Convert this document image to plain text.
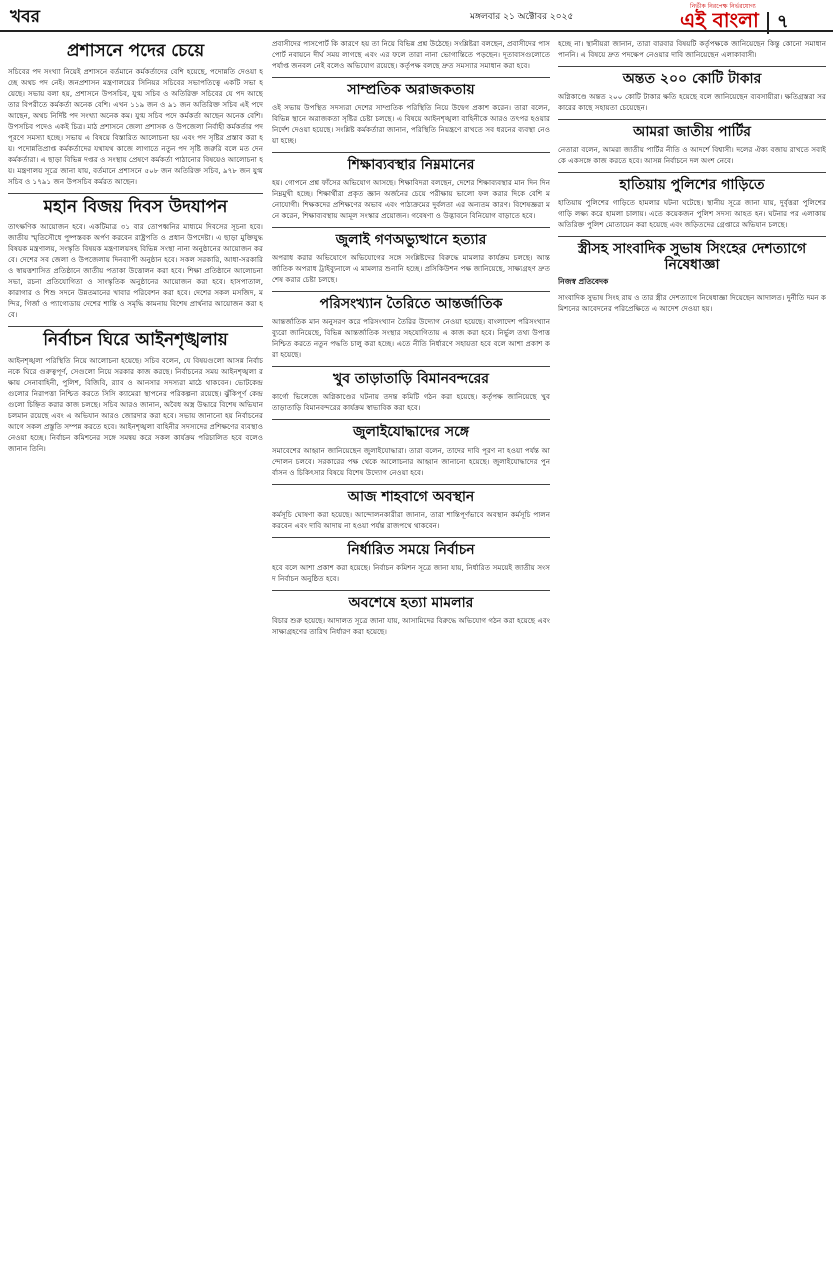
খবর	মঙ্গলবার ২১ অক্টোবর ২০২৫
নির্ভীক নিরপেক্ষ নির্ভরযোগ্য
এই বাংলা ৭
প্রশাসনে পদের চেয়ে
সচিবের পদ সংখ্যা নিয়েই প্রশাসনে বর্তমানে কর্মকর্তাদের বেশি হয়েছে, পদোন্নতি দেওয়া হচ্ছে অথচ পদ নেই। জনপ্রশাসন মন্ত্রণালয়ের সিনিয়র সচিবের সভাপতিত্বে একটি সভা হয়েছে। সভায় বলা হয়, প্রশাসনে উপসচিব, যুগ্ম সচিব ও অতিরিক্ত সচিবের যে পদ আছে তার বিপরীতে কর্মকর্তা অনেক বেশি। এখন ১১৯ জন ও ৯১ জন অতিরিক্ত সচিব এই পদে আছেন, অথচ নির্দিষ্ট পদ সংখ্যা অনেক কম। যুগ্ম সচিব পদে কর্মকর্তা আছেন অনেক বেশি। উপসচিব পদেও একই চিত্র। মাঠ প্রশাসনে জেলা প্রশাসক ও উপজেলা নির্বাহী কর্মকর্তার পদ পূরণে সমস্যা হচ্ছে। সভায় এ বিষয়ে বিস্তারিত আলোচনা হয় এবং পদ সৃষ্টির প্রস্তাব করা হয়। পদোন্নতিপ্রাপ্ত কর্মকর্তাদের যথাযথ কাজে লাগাতে নতুন পদ সৃষ্টি জরুরি বলে মত দেন কর্মকর্তারা। এ ছাড়া বিভিন্ন দপ্তর ও সংস্থায় প্রেষণে কর্মকর্তা পাঠানোর বিষয়েও আলোচনা হয়। মন্ত্রণালয় সূত্রে জানা যায়, বর্তমানে প্রশাসনে ৫০৮ জন অতিরিক্ত সচিব, ৯৭৮ জন যুগ্ম সচিব ও ১৭৯১ জন উপসচিব কর্মরত আছেন।
মহান বিজয় দিবস উদযাপন
তাৎক্ষণিক আয়োজন হবে। একটিমাত্র ৩১ বার তোপধ্বনির মাধ্যমে দিবসের সূচনা হবে। জাতীয় স্মৃতিসৌধে পুষ্পস্তবক অর্পণ করবেন রাষ্ট্রপতি ও প্রধান উপদেষ্টা। এ ছাড়া মুক্তিযুদ্ধ বিষয়ক মন্ত্রণালয়, সংস্কৃতি বিষয়ক মন্ত্রণালয়সহ বিভিন্ন সংস্থা নানা অনুষ্ঠানের আয়োজন করবে। দেশের সব জেলা ও উপজেলায় দিনব্যাপী অনুষ্ঠান হবে। সকল সরকারি, আধা-সরকারি ও স্বায়ত্তশাসিত প্রতিষ্ঠানে জাতীয় পতাকা উত্তোলন করা হবে। শিক্ষা প্রতিষ্ঠানে আলোচনা সভা, রচনা প্রতিযোগিতা ও সাংস্কৃতিক অনুষ্ঠানের আয়োজন করা হবে। হাসপাতাল, কারাগার ও শিশু সদনে উন্নতমানের খাবার পরিবেশন করা হবে। দেশের সকল মসজিদ, মন্দির, গির্জা ও প্যাগোডায় দেশের শান্তি ও সমৃদ্ধি কামনায় বিশেষ প্রার্থনার আয়োজন করা হবে।
নির্বাচন ঘিরে আইনশৃঙ্খলায়
আইনশৃঙ্খলা পরিস্থিতি নিয়ে আলোচনা হয়েছে। সচিব বলেন, যে বিষয়গুলো আসন্ন নির্বাচনকে ঘিরে গুরুত্বপূর্ণ, সেগুলো নিয়ে সরকার কাজ করছে। নির্বাচনের সময় আইনশৃঙ্খলা রক্ষায় সেনাবাহিনী, পুলিশ, বিজিবি, র‍্যাব ও আনসার সদস্যরা মাঠে থাকবেন। ভোটকেন্দ্রগুলোর নিরাপত্তা নিশ্চিত করতে সিসি ক্যামেরা স্থাপনের পরিকল্পনা রয়েছে। ঝুঁকিপূর্ণ কেন্দ্রগুলো চিহ্নিত করার কাজ চলছে। সচিব আরও জানান, অবৈধ অস্ত্র উদ্ধারে বিশেষ অভিযান চলমান রয়েছে এবং এ অভিযান আরও জোরদার করা হবে। সভায় জানানো হয় নির্বাচনের আগে সকল প্রস্তুতি সম্পন্ন করতে হবে। আইনশৃঙ্খলা বাহিনীর সদস্যদের প্রশিক্ষণের ব্যবস্থাও নেওয়া হচ্ছে। নির্বাচন কমিশনের সঙ্গে সমন্বয় করে সকল কার্যক্রম পরিচালিত হবে বলেও জানান তিনি।
প্রবাসীদের পাসপোর্ট কি কারণে হয় তা নিয়ে বিভিন্ন প্রশ্ন উঠেছে। সংশ্লিষ্টরা বলছেন, প্রবাসীদের পাসপোর্ট নবায়নে দীর্ঘ সময় লাগছে এবং এর ফলে তারা নানা ভোগান্তিতে পড়ছেন। দূতাবাসগুলোতে পর্যাপ্ত জনবল নেই বলেও অভিযোগ রয়েছে। কর্তৃপক্ষ বলছে দ্রুত সমস্যার সমাধান করা হবে।
সাম্প্রতিক অরাজকতায়
ওই সভায় উপস্থিত সদস্যরা দেশের সাম্প্রতিক পরিস্থিতি নিয়ে উদ্বেগ প্রকাশ করেন। তারা বলেন, বিভিন্ন স্থানে অরাজকতা সৃষ্টির চেষ্টা চলছে। এ বিষয়ে আইনশৃঙ্খলা বাহিনীকে আরও তৎপর হওয়ার নির্দেশ দেওয়া হয়েছে। সংশ্লিষ্ট কর্মকর্তারা জানান, পরিস্থিতি নিয়ন্ত্রণে রাখতে সব ধরনের ব্যবস্থা নেওয়া হচ্ছে।
শিক্ষাব্যবস্থার নিম্নমানের
হয়। গোপনে প্রশ্ন ফাঁসের অভিযোগ আসছে। শিক্ষাবিদরা বলছেন, দেশের শিক্ষাব্যবস্থার মান দিন দিন নিম্নমুখী হচ্ছে। শিক্ষার্থীরা প্রকৃত জ্ঞান অর্জনের চেয়ে পরীক্ষায় ভালো ফল করার দিকে বেশি মনোযোগী। শিক্ষকদের প্রশিক্ষণের অভাব এবং পাঠ্যক্রমের দুর্বলতা এর অন্যতম কারণ। বিশেষজ্ঞরা মনে করেন, শিক্ষাব্যবস্থায় আমূল সংস্কার প্রয়োজন। গবেষণা ও উদ্ভাবনে বিনিয়োগ বাড়াতে হবে।
জুলাই গণঅভ্যুত্থানে হত্যার
অপরাধ করার অভিযোগে অভিযোগের সঙ্গে সংশ্লিষ্টদের বিরুদ্ধে মামলার কার্যক্রম চলছে। আন্তর্জাতিক অপরাধ ট্রাইব্যুনালে এ মামলার শুনানি হচ্ছে। প্রসিকিউশন পক্ষ জানিয়েছে, সাক্ষ্যগ্রহণ দ্রুত শেষ করার চেষ্টা চলছে।
পরিসংখ্যান তৈরিতে আন্তর্জাতিক
আন্তর্জাতিক মান অনুসরণ করে পরিসংখ্যান তৈরির উদ্যোগ নেওয়া হয়েছে। বাংলাদেশ পরিসংখ্যান ব্যুরো জানিয়েছে, বিভিন্ন আন্তর্জাতিক সংস্থার সহযোগিতায় এ কাজ করা হবে। নির্ভুল তথ্য উপাত্ত নিশ্চিত করতে নতুন পদ্ধতি চালু করা হচ্ছে। এতে নীতি নির্ধারণে সহায়তা হবে বলে আশা প্রকাশ করা হয়েছে।
খুব তাড়াতাড়ি বিমানবন্দরের
কার্গো ভিলেজে অগ্নিকাণ্ডের ঘটনায় তদন্ত কমিটি গঠন করা হয়েছে। কর্তৃপক্ষ জানিয়েছে খুব তাড়াতাড়ি বিমানবন্দরের কার্যক্রম স্বাভাবিক করা হবে।
জুলাইযোদ্ধাদের সঙ্গে
সমাবেশের আহ্বান জানিয়েছেন জুলাইযোদ্ধারা। তারা বলেন, তাদের দাবি পূরণ না হওয়া পর্যন্ত আন্দোলন চলবে। সরকারের পক্ষ থেকে আলোচনার আহ্বান জানানো হয়েছে। জুলাইযোদ্ধাদের পুনর্বাসন ও চিকিৎসার বিষয়ে বিশেষ উদ্যোগ নেওয়া হবে।
আজ শাহবাগে অবস্থান
কর্মসূচি ঘোষণা করা হয়েছে। আন্দোলনকারীরা জানান, তারা শান্তিপূর্ণভাবে অবস্থান কর্মসূচি পালন করবেন এবং দাবি আদায় না হওয়া পর্যন্ত রাজপথে থাকবেন।
নির্ধারিত সময়ে নির্বাচন
হবে বলে আশা প্রকাশ করা হয়েছে। নির্বাচন কমিশন সূত্রে জানা যায়, নির্ধারিত সময়েই জাতীয় সংসদ নির্বাচন অনুষ্ঠিত হবে।
অবশেষে হত্যা মামলার
বিচার শুরু হয়েছে। আদালত সূত্রে জানা যায়, আসামিদের বিরুদ্ধে অভিযোগ গঠন করা হয়েছে এবং সাক্ষ্যগ্রহণের তারিখ নির্ধারণ করা হয়েছে।
হচ্ছে না। স্থানীয়রা জানান, তারা বারবার বিষয়টি কর্তৃপক্ষকে জানিয়েছেন কিন্তু কোনো সমাধান পাননি। এ বিষয়ে দ্রুত পদক্ষেপ নেওয়ার দাবি জানিয়েছেন এলাকাবাসী।
অন্তত ২০০ কোটি টাকার
অগ্নিকাণ্ডে অন্তত ২০০ কোটি টাকার ক্ষতি হয়েছে বলে জানিয়েছেন ব্যবসায়ীরা। ক্ষতিগ্রস্তরা সরকারের কাছে সহায়তা চেয়েছেন।
আমরা জাতীয় পার্টির
নেতারা বলেন, আমরা জাতীয় পার্টির নীতি ও আদর্শে বিশ্বাসী। দলের ঐক্য বজায় রাখতে সবাইকে একসঙ্গে কাজ করতে হবে। আসন্ন নির্বাচনে দল অংশ নেবে।
হাতিয়ায় পুলিশের গাড়িতে
হাতিয়ায় পুলিশের গাড়িতে হামলার ঘটনা ঘটেছে। স্থানীয় সূত্রে জানা যায়, দুর্বৃত্তরা পুলিশের গাড়ি লক্ষ্য করে হামলা চালায়। এতে কয়েকজন পুলিশ সদস্য আহত হন। ঘটনার পর এলাকায় অতিরিক্ত পুলিশ মোতায়েন করা হয়েছে এবং জড়িতদের গ্রেপ্তারে অভিযান চলছে।
স্ত্রীসহ সাংবাদিক সুভাষ সিংহের দেশত্যাগে নিষেধাজ্ঞা
নিজস্ব প্রতিবেদক
সাংবাদিক সুভাষ সিংহ রায় ও তার স্ত্রীর দেশত্যাগে নিষেধাজ্ঞা দিয়েছেন আদালত। দুর্নীতি দমন কমিশনের আবেদনের পরিপ্রেক্ষিতে এ আদেশ দেওয়া হয়।
